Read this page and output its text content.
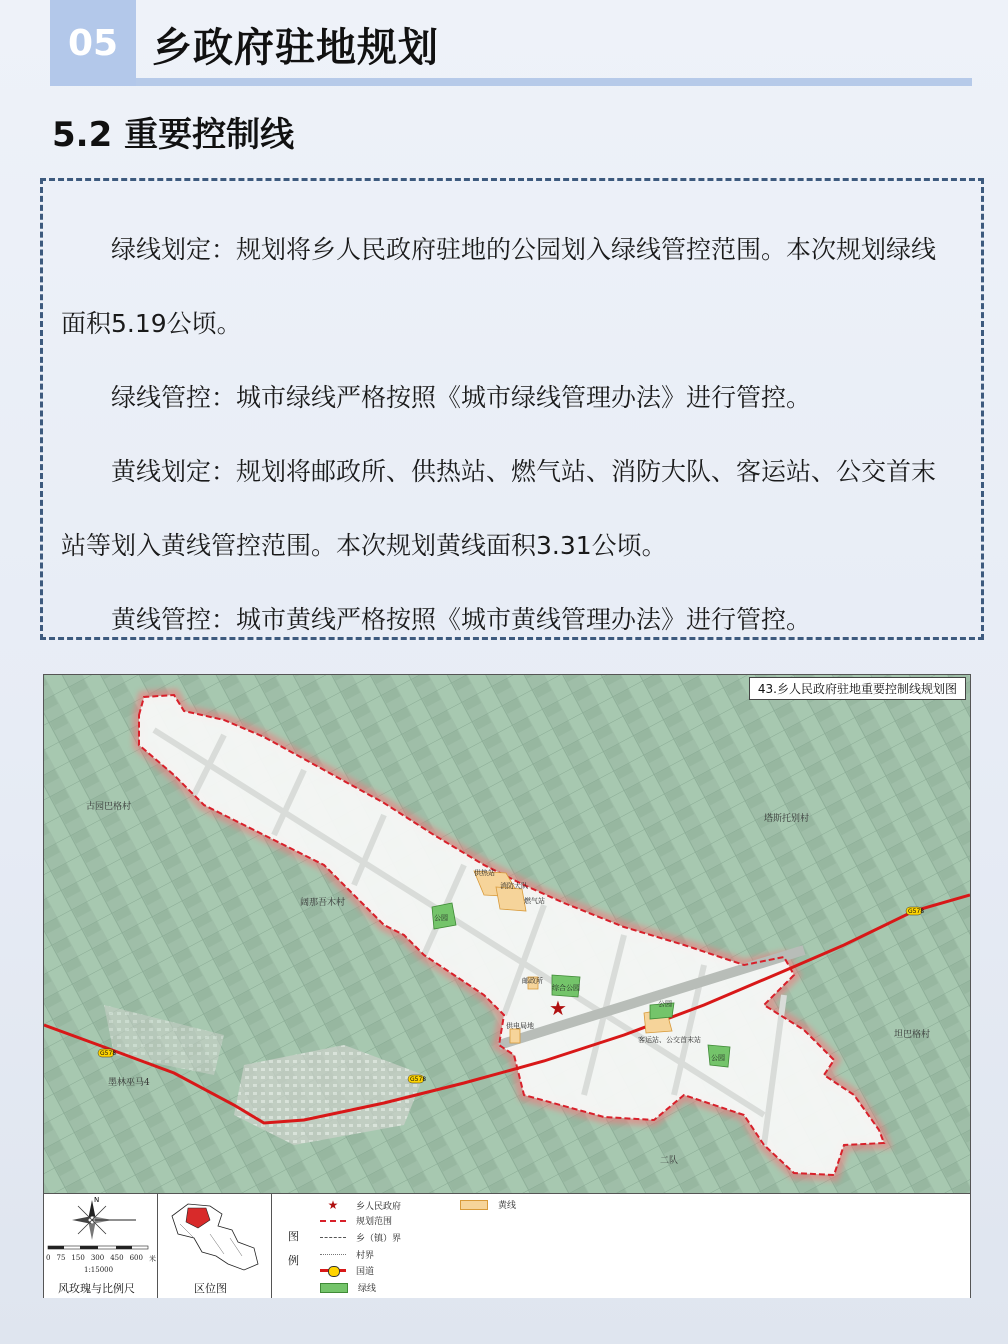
05 乡政府驻地规划
5.2 重要控制线

绿线划定：规划将乡人民政府驻地的公园划入绿线管控范围。本次规划绿线面积5.19公顷。

绿线管控：城市绿线严格按照《城市绿线管理办法》进行管控。

黄线划定：规划将邮政所、供热站、燃气站、消防大队、客运站、公交首末站等划入黄线管控范围。本次规划黄线面积3.31公顷。

黄线管控：城市黄线严格按照《城市黄线管理办法》进行管控。

★
古园巴格村
塔斯托别村
阔那吾木村
坦巴格村
墨林巫马4
二队
供热站
消防大队
燃气站
公园
邮政所
综合公园
公园
客运站、公交首末站
公园
供电局地
G578
G578
G578
43.乡人民政府驻地重要控制线规划图
N
0 75 150 300 450 600 米
1:15000
风玫瑰与比例尺	区位图
图
例
★	乡人民政府
规划范围
乡（镇）界
村界
国道
绿线
黄线
